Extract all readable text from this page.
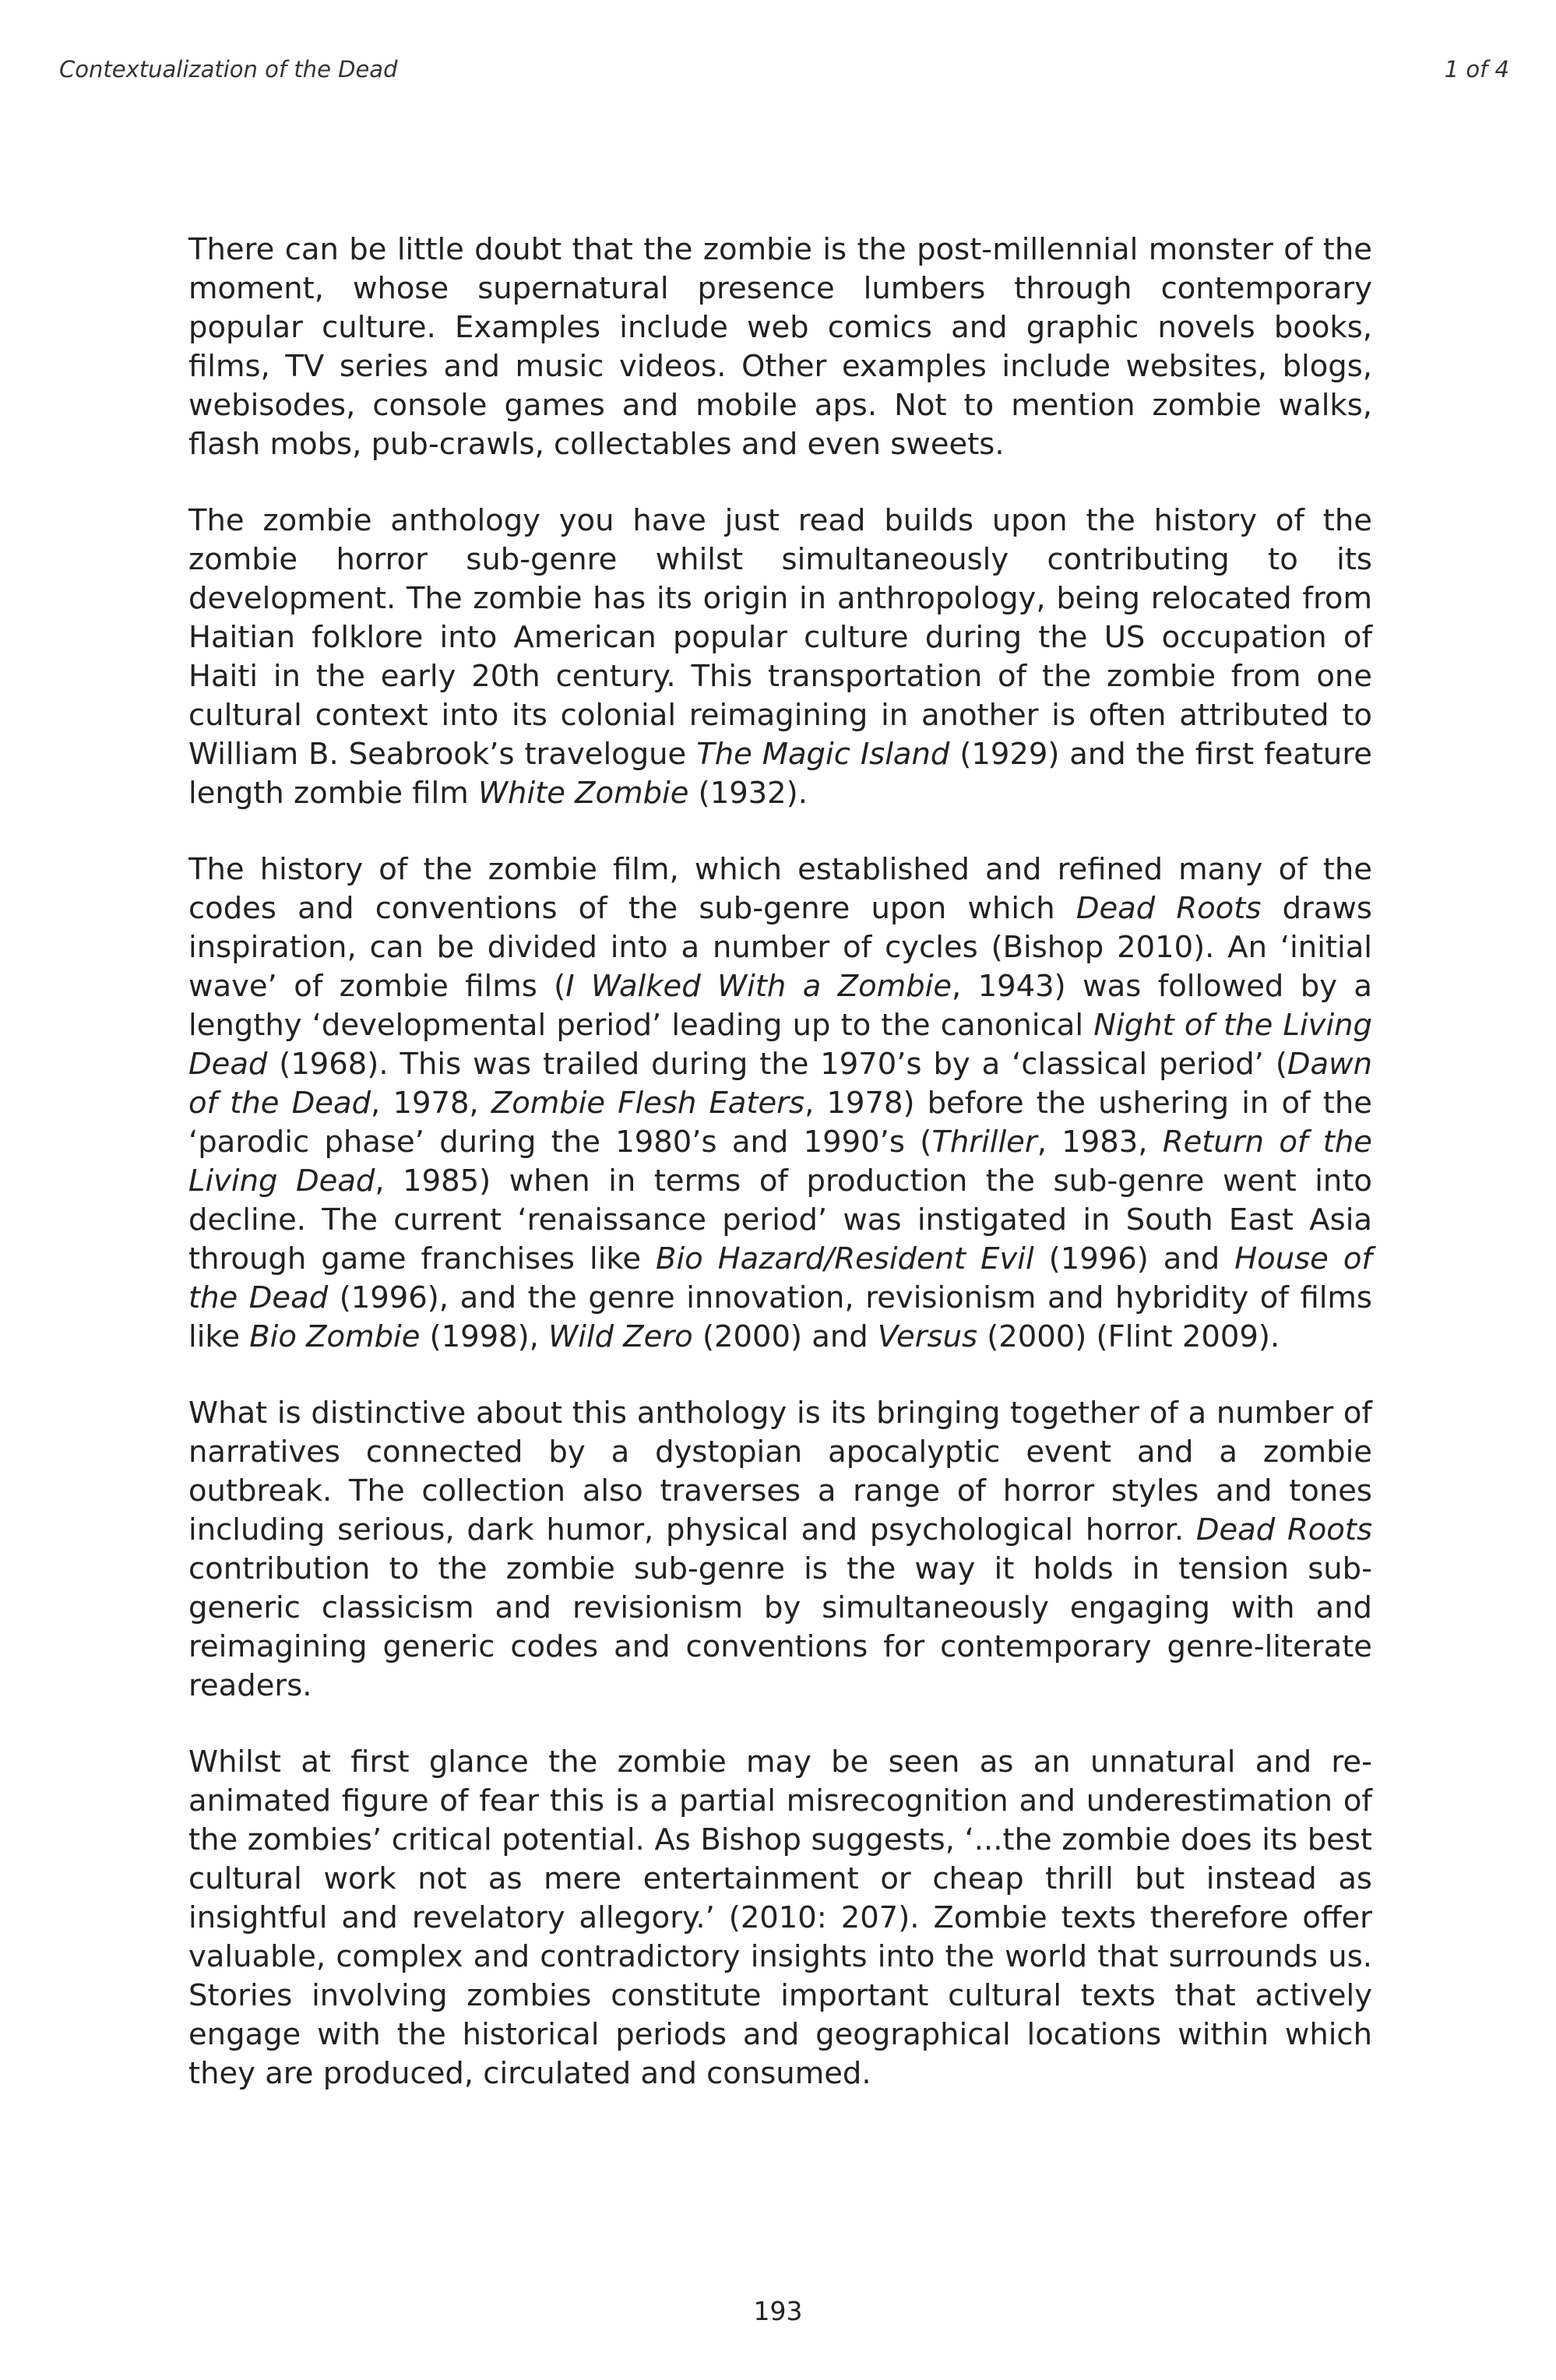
Contextualization of the Dead	1 of 4

There can be little doubt that the zombie is the post-millennial monster of the moment, whose supernatural presence lumbers through contemporary popular culture. Examples include web comics and graphic novels books, films, TV series and music videos. Other examples include websites, blogs, webisodes, console games and mobile aps. Not to mention zombie walks, flash mobs, pub-crawls, collectables and even sweets.

The zombie anthology you have just read builds upon the history of the zombie horror sub-genre whilst simultaneously contributing to its development. The zombie has its origin in anthropology, being relocated from Haitian folklore into American popular culture during the US occupation of Haiti in the early 20th century. This transportation of the zombie from one cultural context into its colonial reimagining in another is often attributed to William B. Seabrook’s travelogue The Magic Island (1929) and the first feature length zombie film White Zombie (1932).

The history of the zombie film, which established and refined many of the codes and conventions of the sub-genre upon which Dead Roots draws inspiration, can be divided into a number of cycles (Bishop 2010). An ‘initial wave’ of zombie films (I Walked With a Zombie, 1943) was followed by a lengthy ‘developmental period’ leading up to the canonical Night of the Living Dead (1968). This was trailed during the 1970’s by a ‘classical period’ (Dawn of the Dead, 1978, Zombie Flesh Eaters, 1978) before the ushering in of the ‘parodic phase’ during the 1980’s and 1990’s (Thriller, 1983, Return of the Living Dead, 1985) when in terms of production the sub-genre went into decline. The current ‘renaissance period’ was instigated in South East Asia through game franchises like Bio Hazard/Resident Evil (1996) and House of the Dead (1996), and the genre innovation, revisionism and hybridity of films like Bio Zombie (1998), Wild Zero (2000) and Versus (2000) (Flint 2009).

What is distinctive about this anthology is its bringing together of a number of narratives connected by a dystopian apocalyptic event and a zombie outbreak. The collection also traverses a range of horror styles and tones including serious, dark humor, physical and psychological horror. Dead Roots contribution to the zombie sub-genre is the way it holds in tension sub-generic classicism and revisionism by simultaneously engaging with and reimagining generic codes and conventions for contemporary genre-literate readers.

Whilst at first glance the zombie may be seen as an unnatural and re-animated figure of fear this is a partial misrecognition and underestimation of the zombies’ critical potential. As Bishop suggests, ‘...the zombie does its best cultural work not as mere entertainment or cheap thrill but instead as insightful and revelatory allegory.’ (2010: 207). Zombie texts therefore offer valuable, complex and contradictory insights into the world that surrounds us. Stories involving zombies constitute important cultural texts that actively engage with the historical periods and geographical locations within which they are produced, circulated and consumed.

193
